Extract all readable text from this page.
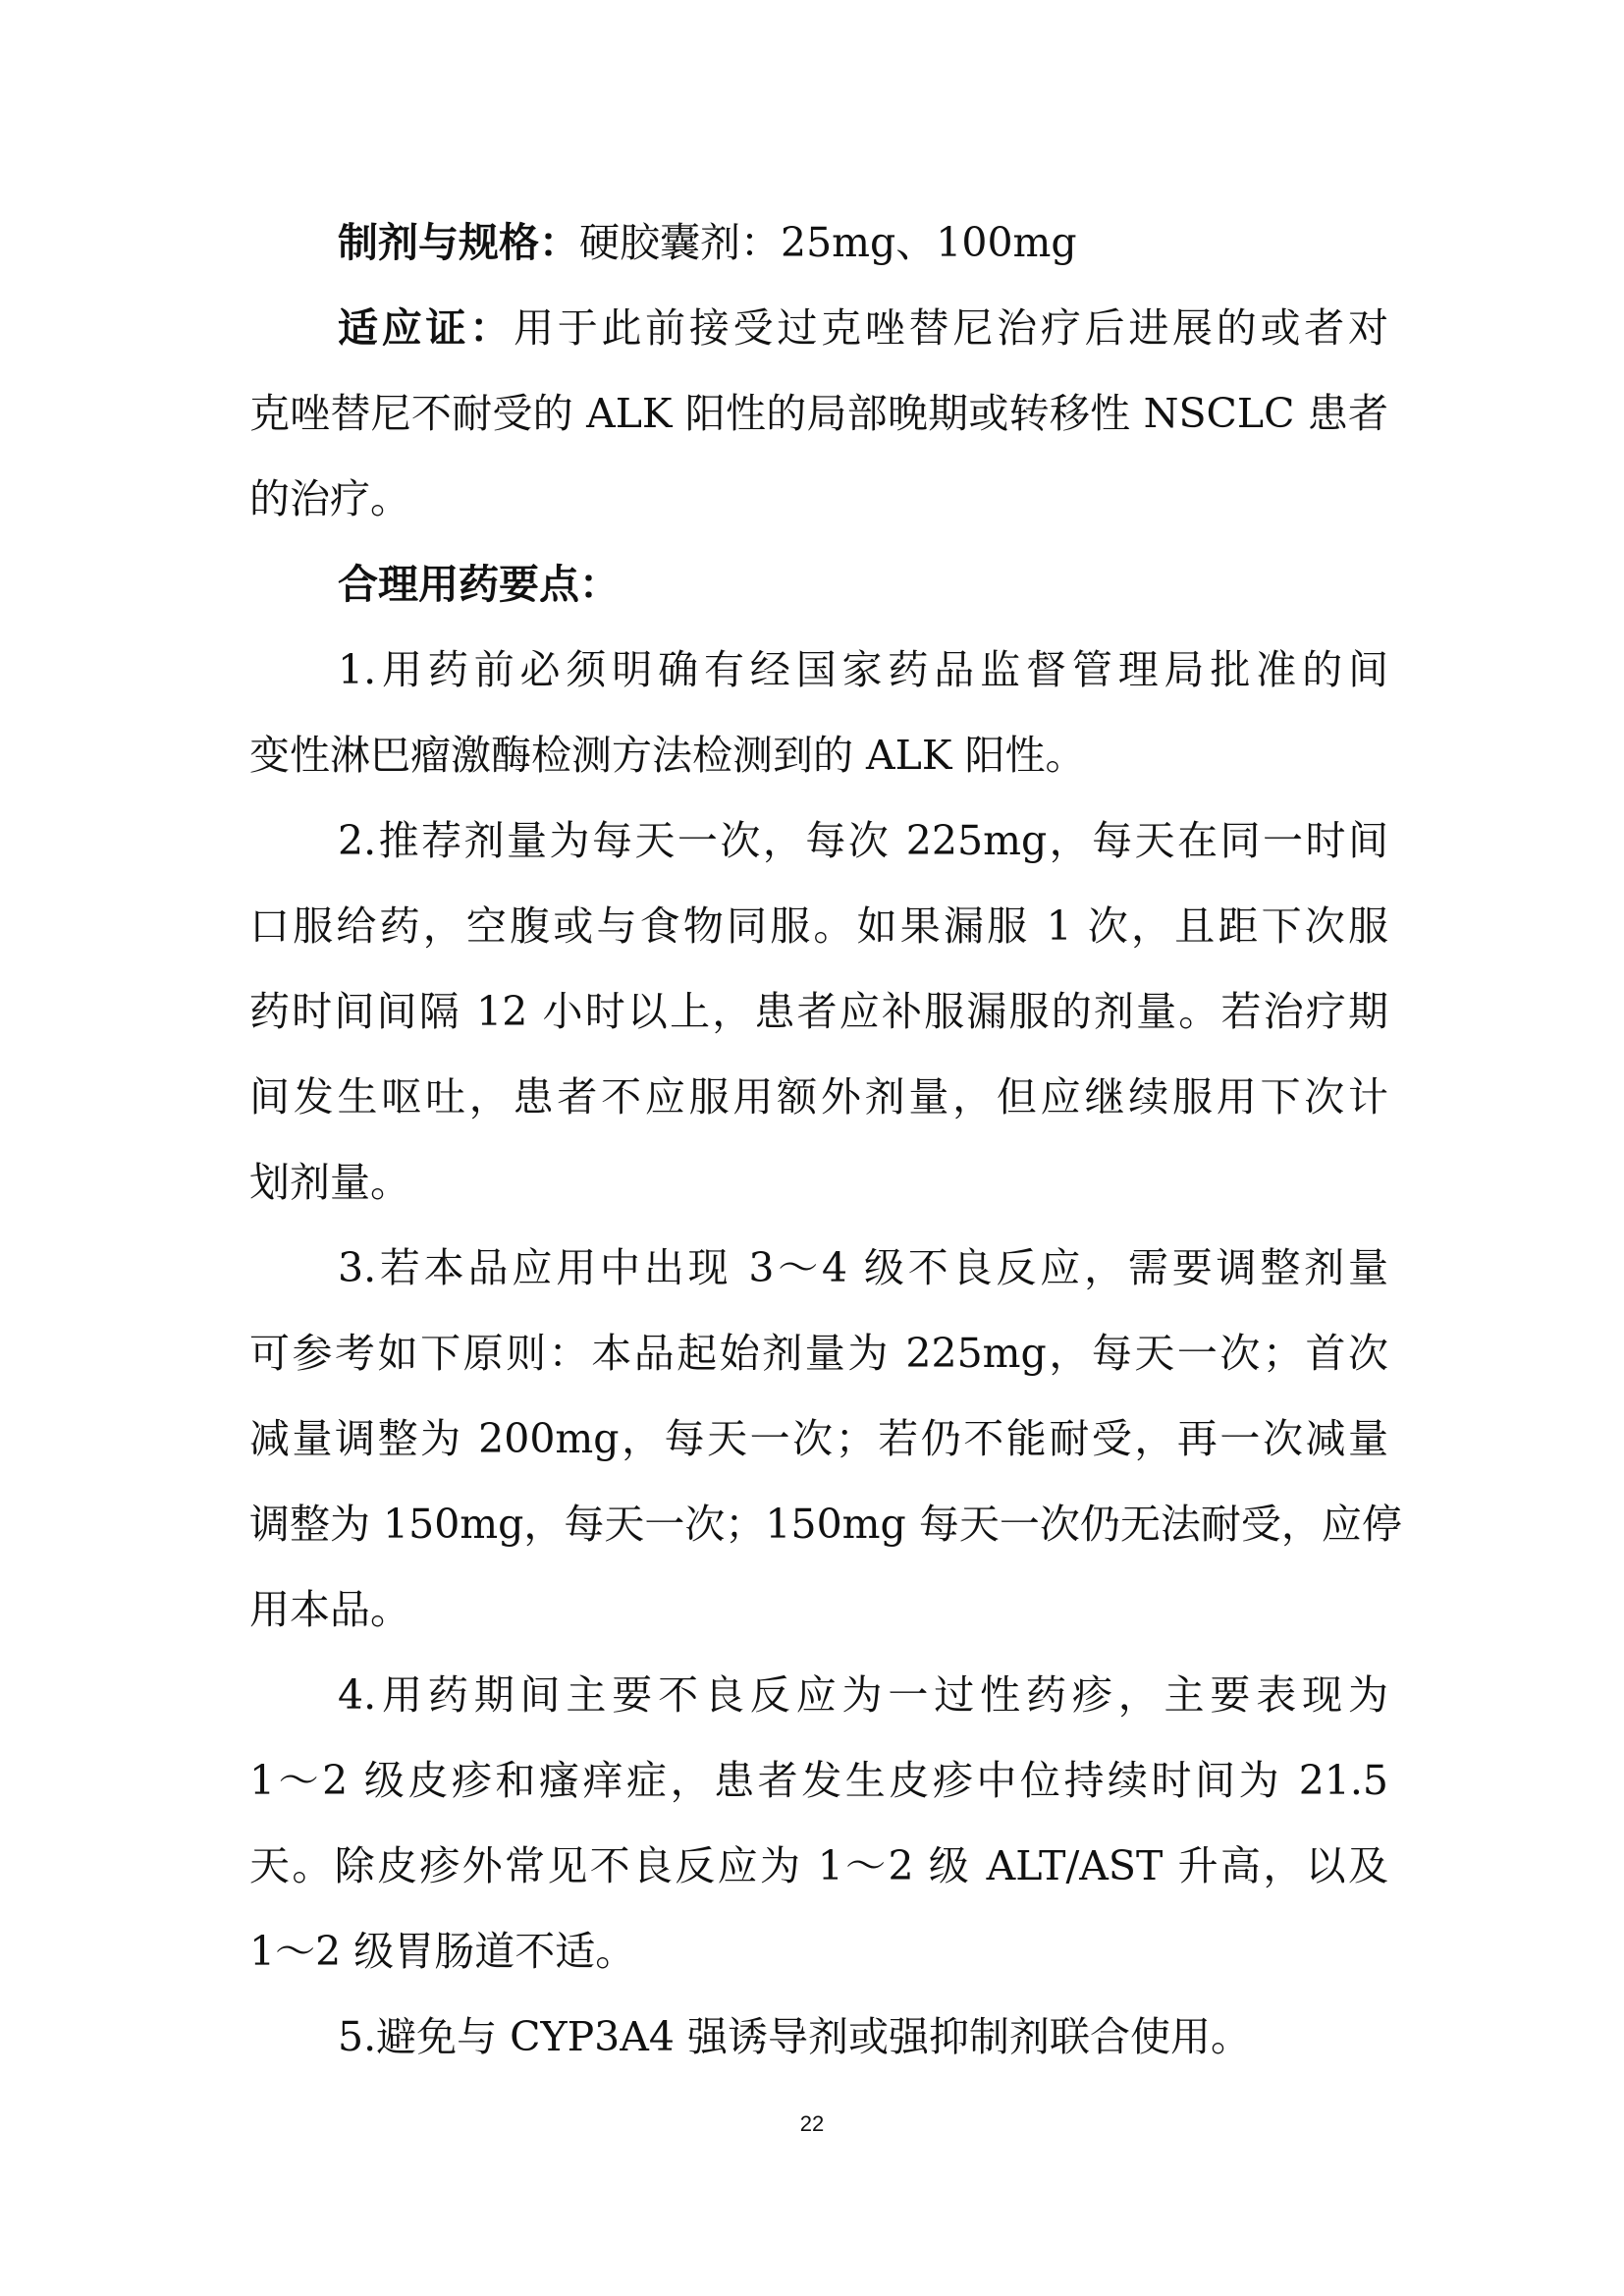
制剂与规格：硬胶囊剂：25mg、100mg
适应证：用于此前接受过克唑替尼治疗后进展的或者对
克唑替尼不耐受的 ALK 阳性的局部晚期或转移性 NSCLC 患者
的治疗。
合理用药要点：
1.用药前必须明确有经国家药品监督管理局批准的间
变性淋巴瘤激酶检测方法检测到的 ALK 阳性。
2.推荐剂量为每天一次，每次 225mg，每天在同一时间
口服给药，空腹或与食物同服。如果漏服 1 次，且距下次服
药时间间隔 12 小时以上，患者应补服漏服的剂量。若治疗期
间发生呕吐，患者不应服用额外剂量，但应继续服用下次计
划剂量。
3.若本品应用中出现 3～4 级不良反应，需要调整剂量
可参考如下原则：本品起始剂量为 225mg，每天一次；首次
减量调整为 200mg，每天一次；若仍不能耐受，再一次减量
调整为 150mg，每天一次；150mg 每天一次仍无法耐受，应停
用本品。
4.用药期间主要不良反应为一过性药疹，主要表现为
1～2 级皮疹和瘙痒症，患者发生皮疹中位持续时间为 21.5
天。除皮疹外常见不良反应为 1～2 级 ALT/AST 升高，以及
1～2 级胃肠道不适。
5.避免与 CYP3A4 强诱导剂或强抑制剂联合使用。
22
